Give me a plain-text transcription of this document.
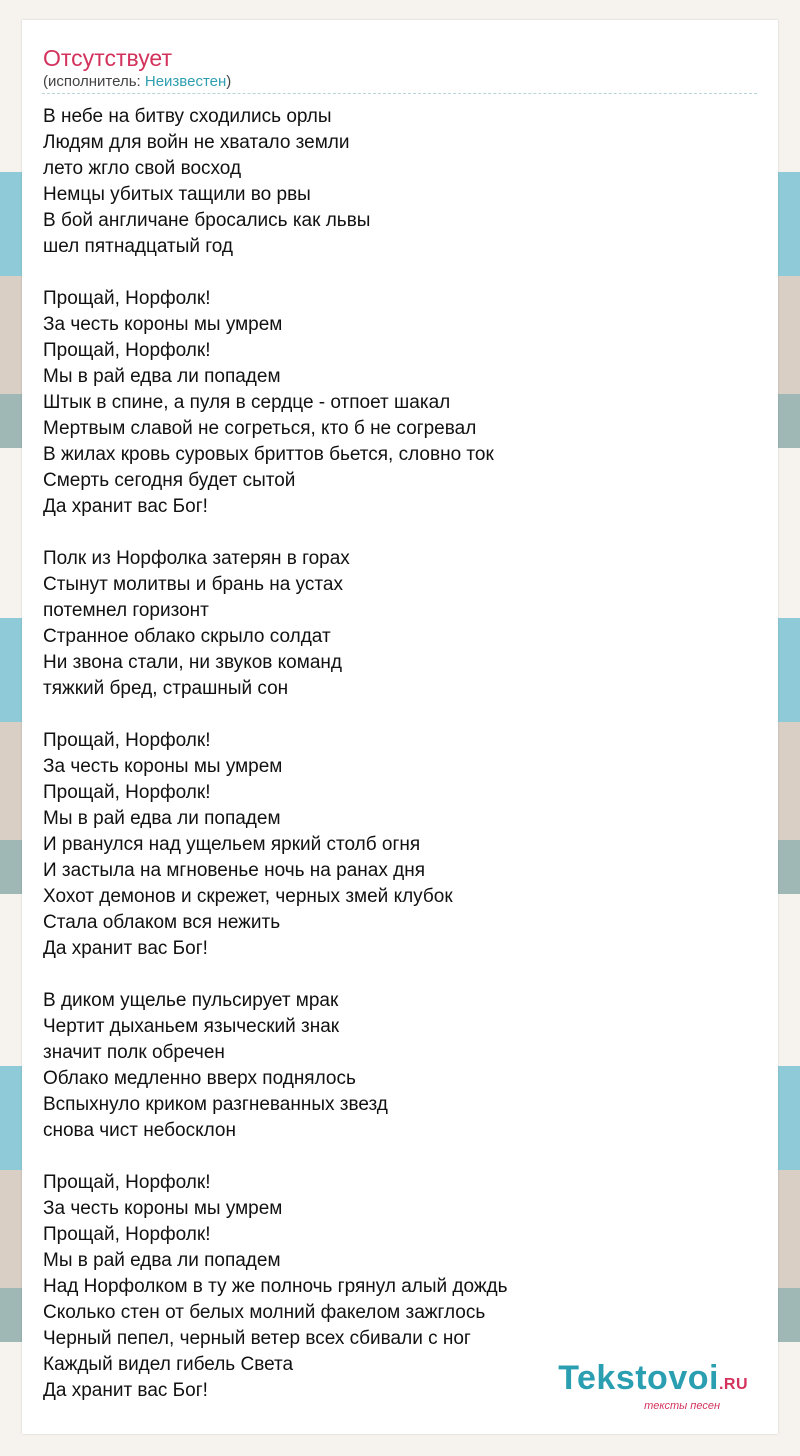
Отсутствует
(исполнитель: Неизвестен)

В небе на битву сходились орлы
Людям для войн не хватало земли
лето жгло свой восход
Немцы убитых тащили во рвы
В бой англичане бросались как львы
шел пятнадцатый год

Прощай, Норфолк!
За честь короны мы умрем
Прощай, Норфолк!
Мы в рай едва ли попадем
Штык в спине, а пуля в сердце - отпоет шакал
Мертвым славой не согреться, кто б не согревал
В жилах кровь суровых бриттов бьется, словно ток
Смерть сегодня будет сытой
Да хранит вас Бог!

Полк из Норфолка затерян в горах
Стынут молитвы и брань на устах
потемнел горизонт
Странное облако скрыло солдат
Ни звона стали, ни звуков команд
тяжкий бред, страшный сон

Прощай, Норфолк!
За честь короны мы умрем
Прощай, Норфолк!
Мы в рай едва ли попадем
И рванулся над ущельем яркий столб огня
И застыла на мгновенье ночь на ранах дня
Хохот демонов и скрежет, черных змей клубок
Стала облаком вся нежить
Да хранит вас Бог!

В диком ущелье пульсирует мрак
Чертит дыханьем языческий знак
значит полк обречен
Облако медленно вверх поднялось
Вспыхнуло криком разгневанных звезд
снова чист небосклон

Прощай, Норфолк!
За честь короны мы умрем
Прощай, Норфолк!
Мы в рай едва ли попадем
Над Норфолком в ту же полночь грянул алый дождь
Сколько стен от белых молний факелом зажглось
Черный пепел, черный ветер всех сбивали с ног
Каждый видел гибель Света
Да хранит вас Бог!	Tekstovoi.RU
тексты песен
